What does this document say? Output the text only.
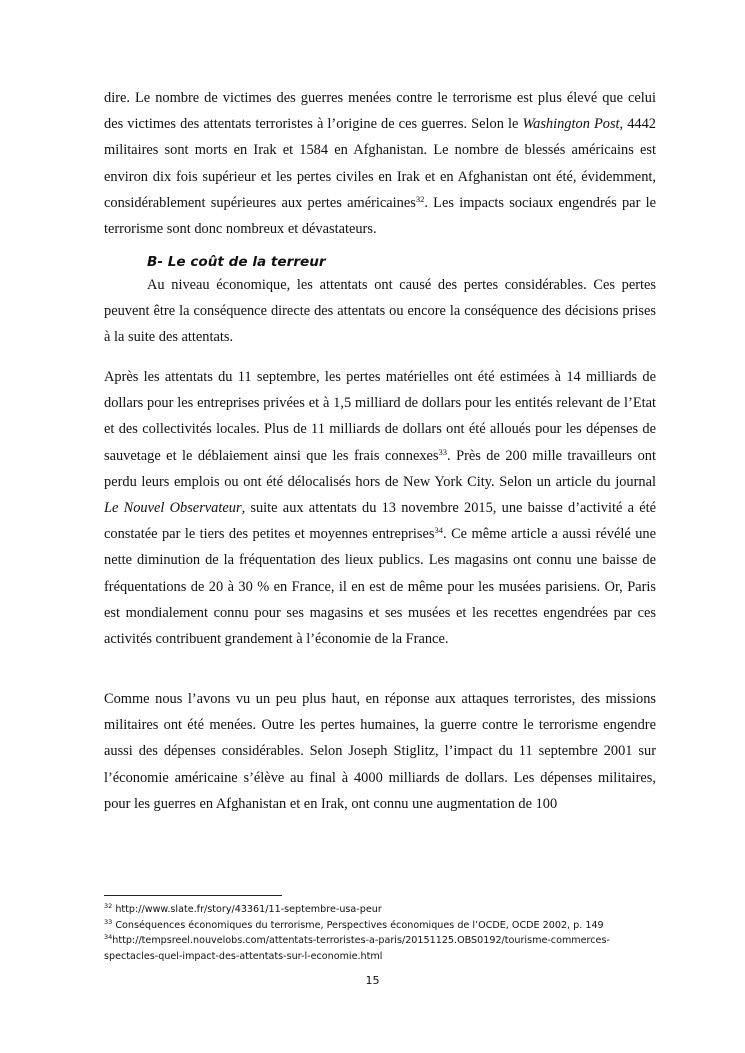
dire. Le nombre de victimes des guerres menées contre le terrorisme est plus élevé que celui des victimes des attentats terroristes à l’origine de ces guerres. Selon le Washington Post, 4442 militaires sont morts en Irak et 1584 en Afghanistan. Le nombre de blessés américains est environ dix fois supérieur et les pertes civiles en Irak et en Afghanistan ont été, évidemment, considérablement supérieures aux pertes américaines$^{32}$. Les impacts sociaux engendrés par le terrorisme sont donc nombreux et dévastateurs.

B- Le coût de la terreur

Au niveau économique, les attentats ont causé des pertes considérables. Ces pertes peuvent être la conséquence directe des attentats ou encore la conséquence des décisions prises à la suite des attentats.

Après les attentats du 11 septembre, les pertes matérielles ont été estimées à 14 milliards de dollars pour les entreprises privées et à 1,5 milliard de dollars pour les entités relevant de l’Etat et des collectivités locales. Plus de 11 milliards de dollars ont été alloués pour les dépenses de sauvetage et le déblaiement ainsi que les frais connexes$^{33}$. Près de 200 mille travailleurs ont perdu leurs emplois ou ont été délocalisés hors de New York City. Selon un article du journal Le Nouvel Observateur, suite aux attentats du 13 novembre 2015, une baisse d’activité a été constatée par le tiers des petites et moyennes entreprises$^{34}$. Ce même article a aussi révélé une nette diminution de la fréquentation des lieux publics. Les magasins ont connu une baisse de fréquentations de 20 à 30 % en France, il en est de même pour les musées parisiens. Or, Paris est mondialement connu pour ses magasins et ses musées et les recettes engendrées par ces activités contribuent grandement à l’économie de la France.

Comme nous l’avons vu un peu plus haut, en réponse aux attaques terroristes, des missions militaires ont été menées. Outre les pertes humaines, la guerre contre le terrorisme engendre aussi des dépenses considérables. Selon Joseph Stiglitz, l’impact du 11 septembre 2001 sur l’économie américaine s’élève au final à 4000 milliards de dollars. Les dépenses militaires, pour les guerres en Afghanistan et en Irak, ont connu une augmentation de 100

$^{32}$ http://www.slate.fr/story/43361/11-septembre-usa-peur

$^{33}$ Conséquences économiques du terrorisme, Perspectives économiques de l’OCDE, OCDE 2002, p. 149

$^{34}$http://tempsreel.nouvelobs.com/attentats-terroristes-a-paris/20151125.OBS0192/tourisme-commerces-spectacles-quel-impact-des-attentats-sur-l-economie.html

15
